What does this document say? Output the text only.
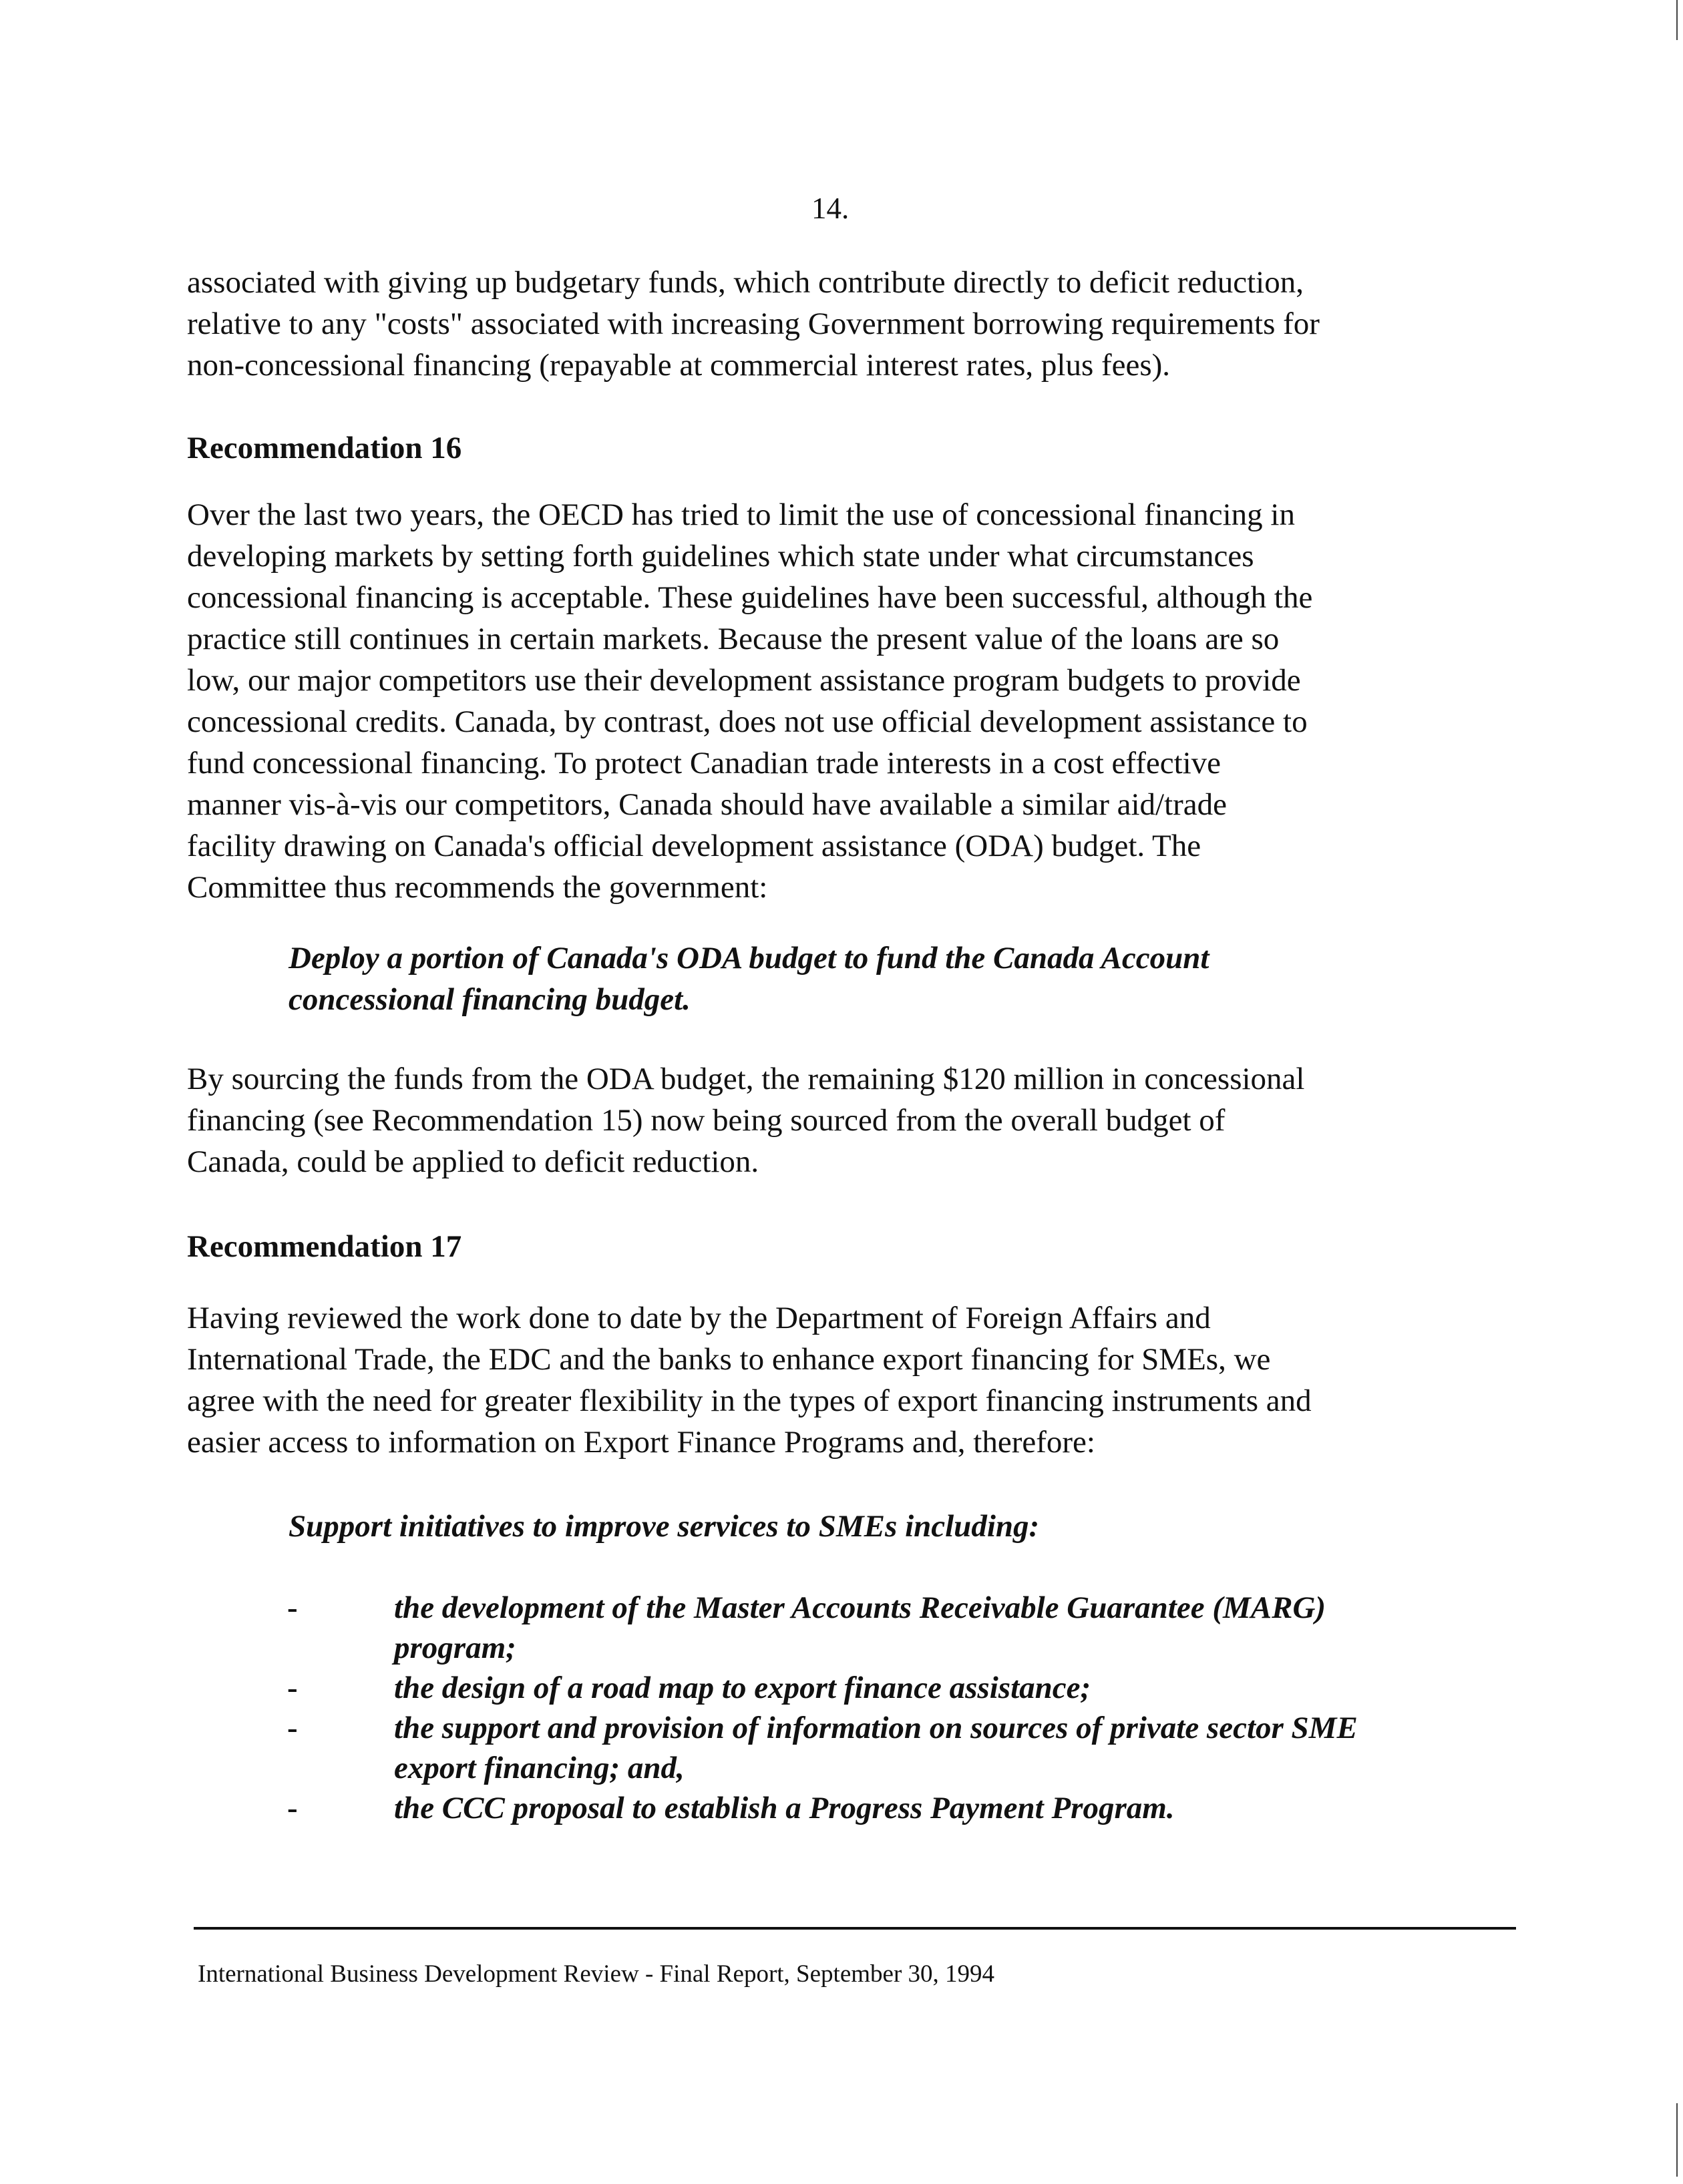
14.
associated with giving up budgetary funds, which contribute directly to deficit reduction,
relative to any "costs" associated with increasing Government borrowing requirements for
non-concessional financing (repayable at commercial interest rates, plus fees).
Recommendation 16
Over the last two years, the OECD has tried to limit the use of concessional financing in
developing markets by setting forth guidelines which state under what circumstances
concessional financing is acceptable. These guidelines have been successful, although the
practice still continues in certain markets. Because the present value of the loans are so
low, our major competitors use their development assistance program budgets to provide
concessional credits. Canada, by contrast, does not use official development assistance to
fund concessional financing. To protect Canadian trade interests in a cost effective
manner vis-à-vis our competitors, Canada should have available a similar aid/trade
facility drawing on Canada's official development assistance (ODA) budget. The
Committee thus recommends the government:
Deploy a portion of Canada's ODA budget to fund the Canada Account
concessional financing budget.
By sourcing the funds from the ODA budget, the remaining $120 million in concessional
financing (see Recommendation 15) now being sourced from the overall budget of
Canada, could be applied to deficit reduction.
Recommendation 17
Having reviewed the work done to date by the Department of Foreign Affairs and
International Trade, the EDC and the banks to enhance export financing for SMEs, we
agree with the need for greater flexibility in the types of export financing instruments and
easier access to information on Export Finance Programs and, therefore:
Support initiatives to improve services to SMEs including:
-	the development of the Master Accounts Receivable Guarantee (MARG)
program;
-	the design of a road map to export finance assistance;
-	the support and provision of information on sources of private sector SME
export financing; and,
-	the CCC proposal to establish a Progress Payment Program.
International Business Development Review - Final Report, September 30, 1994
